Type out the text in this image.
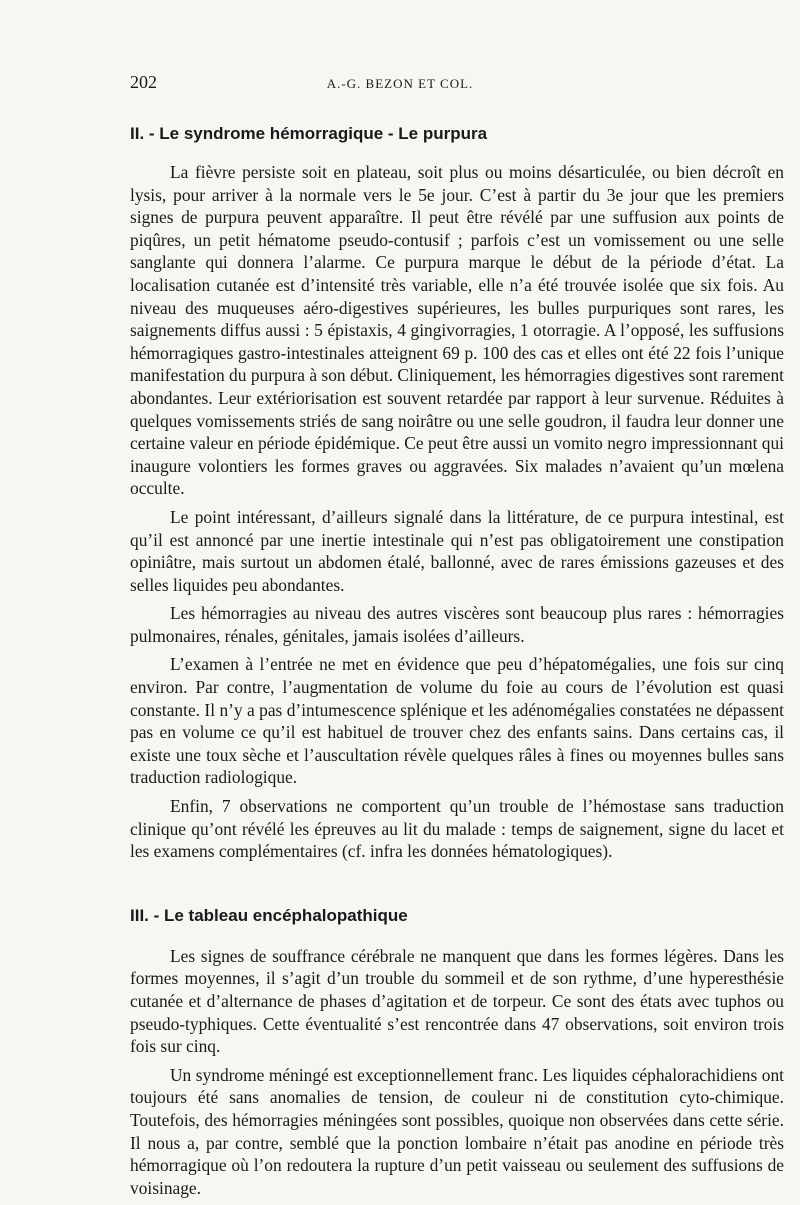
202	A.-G. BEZON ET COL.
II. - Le syndrome hémorragique - Le purpura

La fièvre persiste soit en plateau, soit plus ou moins désarticulée, ou bien décroît en lysis, pour arriver à la normale vers le 5e jour. C’est à partir du 3e jour que les premiers signes de purpura peuvent apparaître. Il peut être révélé par une suffusion aux points de piqûres, un petit hématome pseudo-contusif ; parfois c’est un vomissement ou une selle sanglante qui donnera l’alarme. Ce purpura marque le début de la période d’état. La localisation cutanée est d’intensité très variable, elle n’a été trouvée isolée que six fois. Au niveau des muqueuses aéro-digestives supérieures, les bulles purpuriques sont rares, les saignements diffus aussi : 5 épistaxis, 4 gingivorragies, 1 otorragie. A l’opposé, les suffusions hémorragiques gastro-intestinales atteignent 69 p. 100 des cas et elles ont été 22 fois l’unique manifestation du purpura à son début. Cliniquement, les hémorragies digestives sont rarement abondantes. Leur extériorisation est souvent retardée par rapport à leur survenue. Réduites à quelques vomissements striés de sang noirâtre ou une selle goudron, il faudra leur donner une certaine valeur en période épidémique. Ce peut être aussi un vomito negro impressionnant qui inaugure volontiers les formes graves ou aggravées. Six malades n’avaient qu’un mœlena occulte.

Le point intéressant, d’ailleurs signalé dans la littérature, de ce purpura intestinal, est qu’il est annoncé par une inertie intestinale qui n’est pas obligatoirement une constipation opiniâtre, mais surtout un abdomen étalé, ballonné, avec de rares émissions gazeuses et des selles liquides peu abondantes.

Les hémorragies au niveau des autres viscères sont beaucoup plus rares : hémorragies pulmonaires, rénales, génitales, jamais isolées d’ailleurs.

L’examen à l’entrée ne met en évidence que peu d’hépatomégalies, une fois sur cinq environ. Par contre, l’augmentation de volume du foie au cours de l’évolution est quasi constante. Il n’y a pas d’intumescence splénique et les adénomégalies constatées ne dépassent pas en volume ce qu’il est habituel de trouver chez des enfants sains. Dans certains cas, il existe une toux sèche et l’auscultation révèle quelques râles à fines ou moyennes bulles sans traduction radiologique.

Enfin, 7 observations ne comportent qu’un trouble de l’hémostase sans traduction clinique qu’ont révélé les épreuves au lit du malade : temps de saignement, signe du lacet et les examens complémentaires (cf. infra les données hématologiques).

III. - Le tableau encéphalopathique

Les signes de souffrance cérébrale ne manquent que dans les formes légères. Dans les formes moyennes, il s’agit d’un trouble du sommeil et de son rythme, d’une hyperesthésie cutanée et d’alternance de phases d’agitation et de torpeur. Ce sont des états avec tuphos ou pseudo-typhiques. Cette éventualité s’est rencontrée dans 47 observations, soit environ trois fois sur cinq.

Un syndrome méningé est exceptionnellement franc. Les liquides céphalorachidiens ont toujours été sans anomalies de tension, de couleur ni de constitution cyto-chimique. Toutefois, des hémorragies méningées sont possibles, quoique non observées dans cette série. Il nous a, par contre, semblé que la ponction lombaire n’était pas anodine en période très hémorragique où l’on redoutera la rupture d’un petit vaisseau ou seulement des suffusions de voisinage.
